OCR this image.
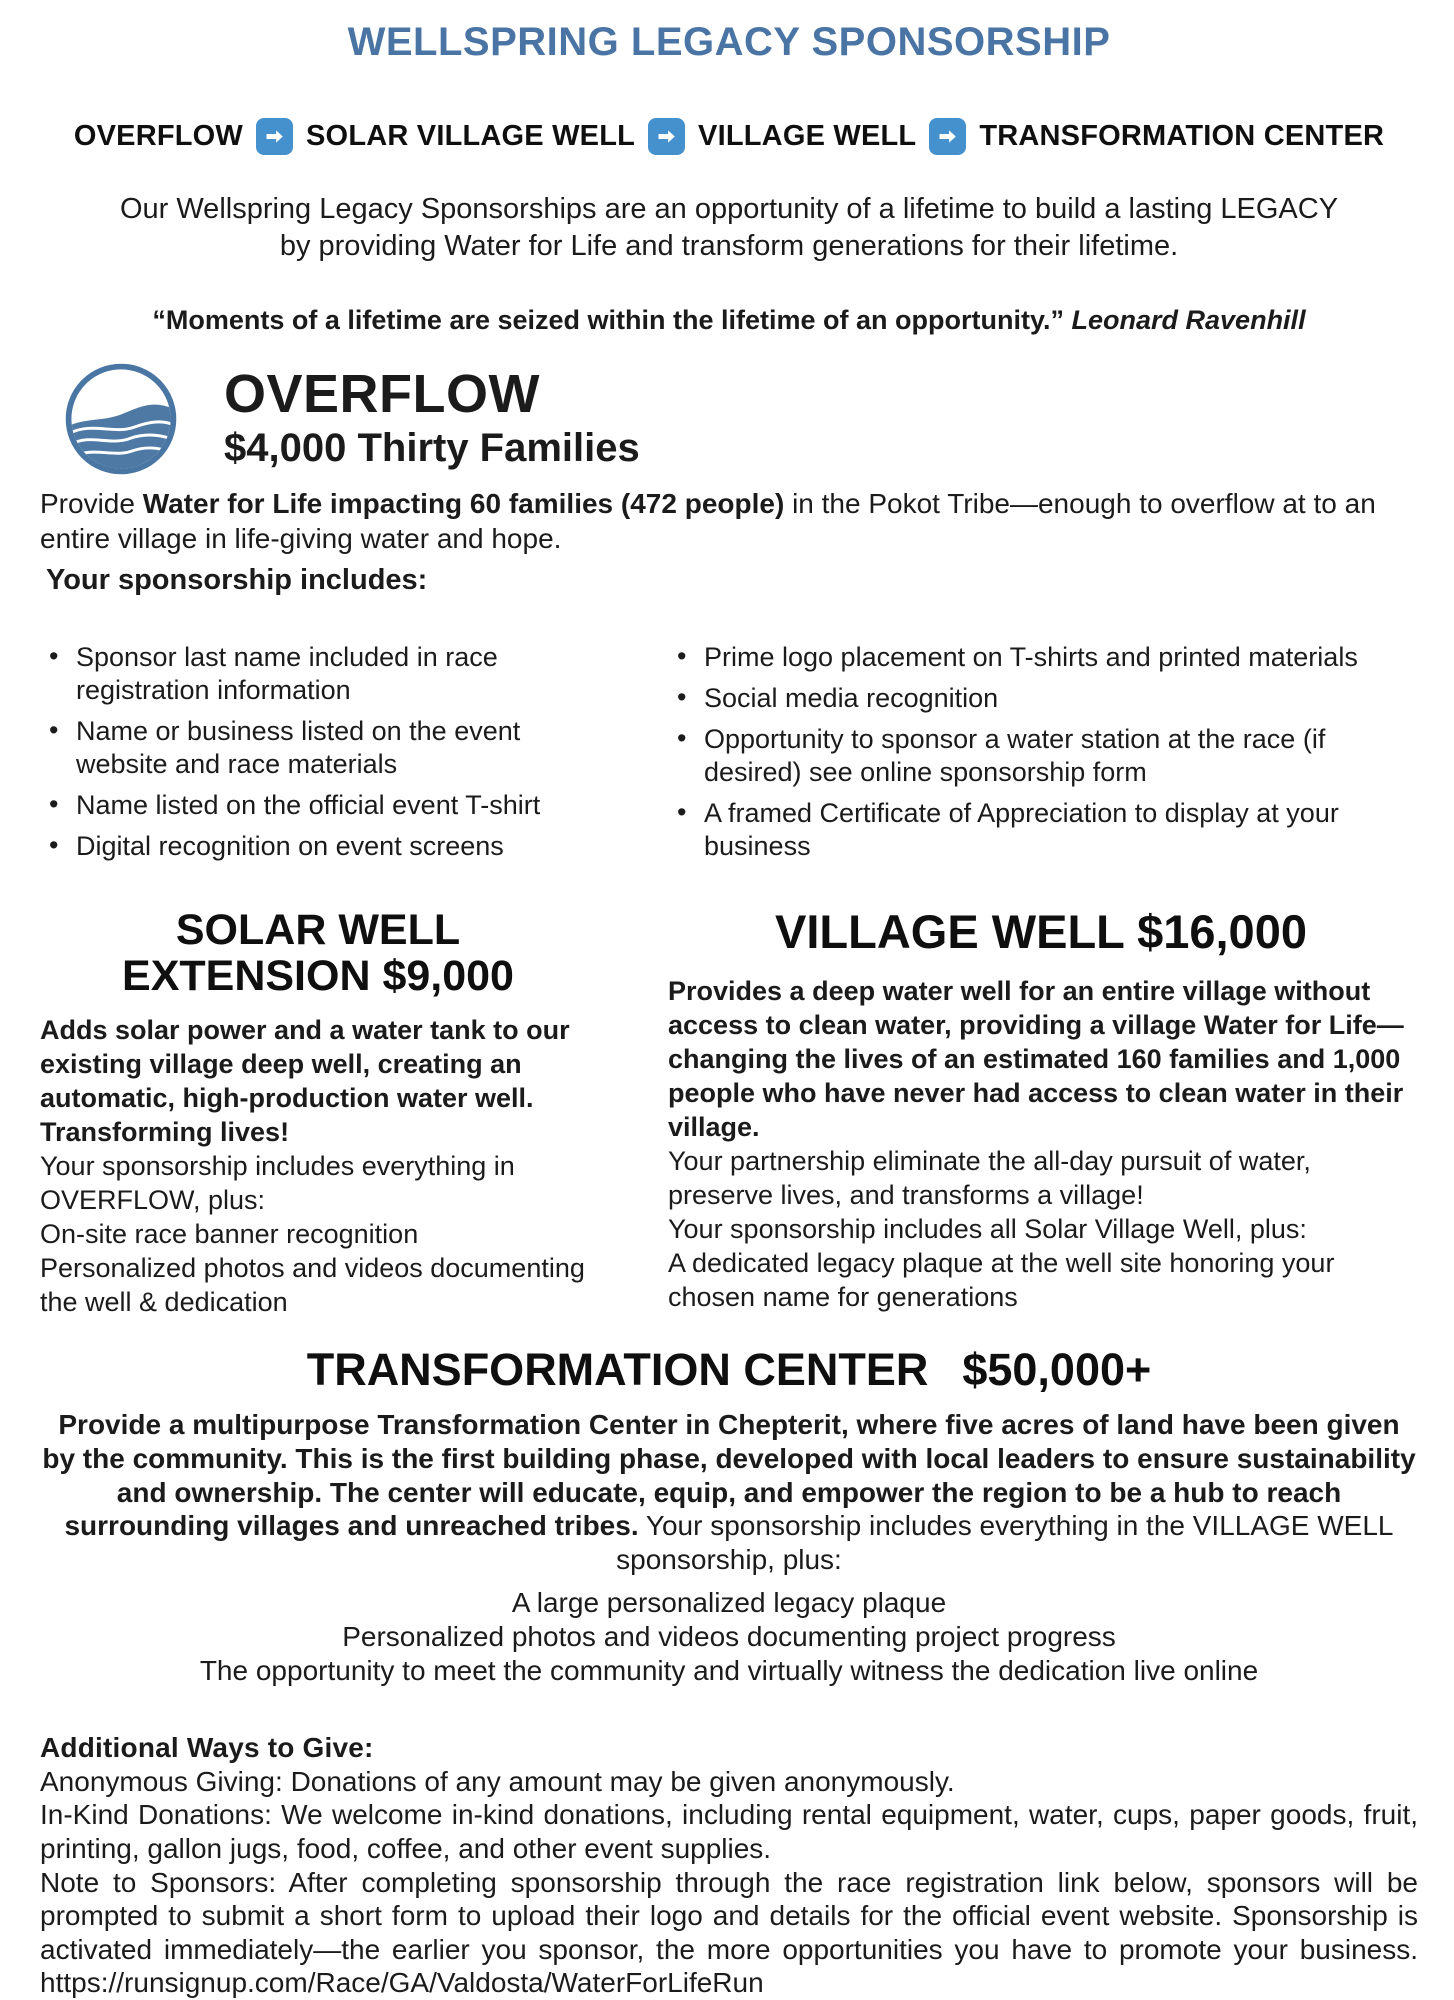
WELLSPRING LEGACY SPONSORSHIP
OVERFLOW SOLAR VILLAGE WELL VILLAGE WELL TRANSFORMATION CENTER

Our Wellspring Legacy Sponsorships are an opportunity of a lifetime to build a lasting LEGACY by providing Water for Life and transform generations for their lifetime.

“Moments of a lifetime are seized within the lifetime of an opportunity.” Leonard Ravenhill

OVERFLOW
$4,000 Thirty Families

Provide Water for Life impacting 60 families (472 people) in the Pokot Tribe—enough to overflow at to an entire village in life-giving water and hope.

Your sponsorship includes:

• Sponsor last name included in race registration information
• Name or business listed on the event website and race materials
• Name listed on the official event T-shirt
• Digital recognition on event screens
• Prime logo placement on T-shirts and printed materials
• Social media recognition
• Opportunity to sponsor a water station at the race (if desired) see online sponsorship form
• A framed Certificate of Appreciation to display at your business
SOLAR WELL
EXTENSION $9,000

Adds solar power and a water tank to our existing village deep well, creating an automatic, high-production water well. Transforming lives!

Your sponsorship includes everything in OVERFLOW, plus:

On-site race banner recognition

Personalized photos and videos documenting the well & dedication

VILLAGE WELL $16,000

Provides a deep water well for an entire village without access to clean water, providing a village Water for Life—changing the lives of an estimated 160 families and 1,000 people who have never had access to clean water in their village.

Your partnership eliminate the all-day pursuit of water, preserve lives, and transforms a village!

Your sponsorship includes all Solar Village Well, plus:

A dedicated legacy plaque at the well site honoring your chosen name for generations

TRANSFORMATION CENTER $50,000+

Provide a multipurpose Transformation Center in Chepterit, where five acres of land have been given by the community. This is the first building phase, developed with local leaders to ensure sustainability and ownership. The center will educate, equip, and empower the region to be a hub to reach surrounding villages and unreached tribes. Your sponsorship includes everything in the VILLAGE WELL sponsorship, plus:

A large personalized legacy plaque

Personalized photos and videos documenting project progress

The opportunity to meet the community and virtually witness the dedication live online

Additional Ways to Give:

Anonymous Giving: Donations of any amount may be given anonymously.

In-Kind Donations: We welcome in-kind donations, including rental equipment, water, cups, paper goods, fruit, printing, gallon jugs, food, coffee, and other event supplies.

Note to Sponsors: After completing sponsorship through the race registration link below, sponsors will be prompted to submit a short form to upload their logo and details for the official event website. Sponsorship is activated immediately—the earlier you sponsor, the more opportunities you have to promote your business. https://runsignup.com/Race/GA/Valdosta/WaterForLifeRun
